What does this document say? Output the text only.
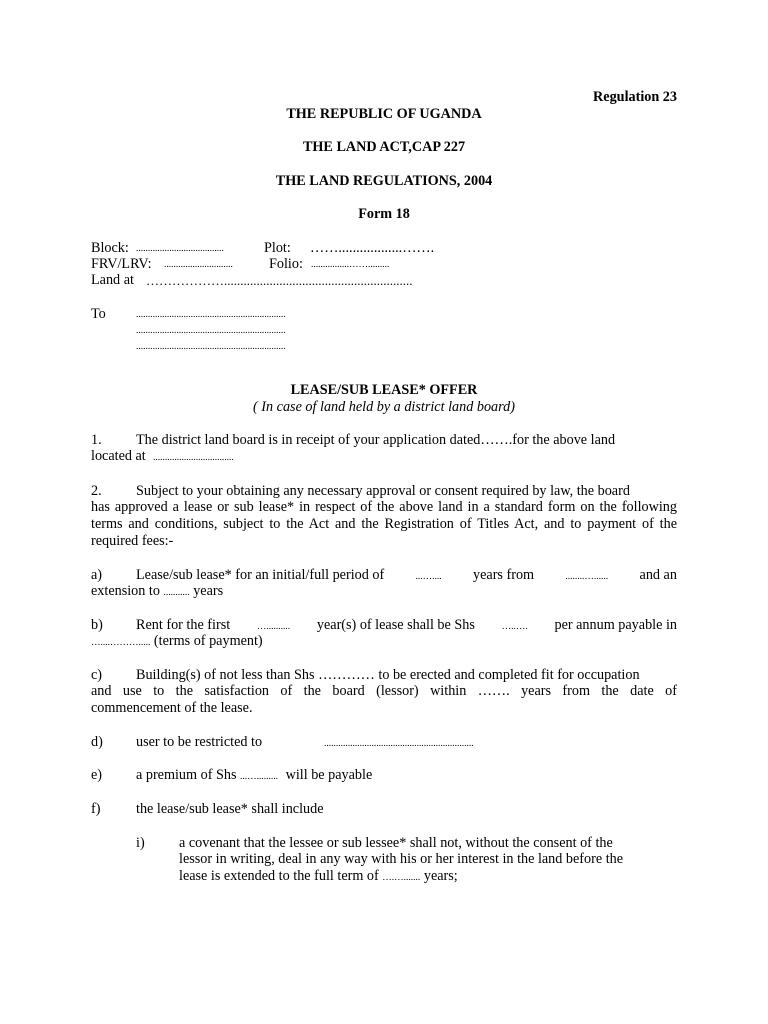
Regulation 23
THE REPUBLIC OF UGANDA
THE LAND ACT,CAP 227
THE LAND REGULATIONS, 2004
Form 18
Block: .....................................	Plot: ……..................…….
FRV/LRV: .............................	Folio: ................…….........
Land at ………………..........................................................
To	...............................................................
...............................................................
...............................................................
LEASE/SUB LEASE* OFFER
( In case of land held by a district land board)
1. The district land board is in receipt of your application dated…….for the above land
located at ..................................
2. Subject to your obtaining any necessary approval or consent required by law, the board
has approved a lease or sub lease* in respect of the above land in a standard form on the following terms and conditions, subject to the Act and the Registration of Titles Act, and to payment of the required fees:-
a) Lease/sub lease* for an initial/full period of	...….... years from	........…...... and an
extension to ........... years
b) Rent for the first	….......... year(s) of lease shall be Shs	…..…. per annum payable in
…....………..... (terms of payment)
c) Building(s) of not less than Shs ………… to be erected and completed fit for occupation
and use to the satisfaction of the board (lessor) within ……. years from the date of
commencement of the lease.
d) user to be restricted to	...............................................................
e) a premium of Shs ...…......... will be payable
f)	the lease/sub lease* shall include
i) a covenant that the lessee or sub lessee* shall not, without the consent of the
lessor in writing, deal in any way with his or her interest in the land before the
lease is extended to the full term of ….…....... years;
